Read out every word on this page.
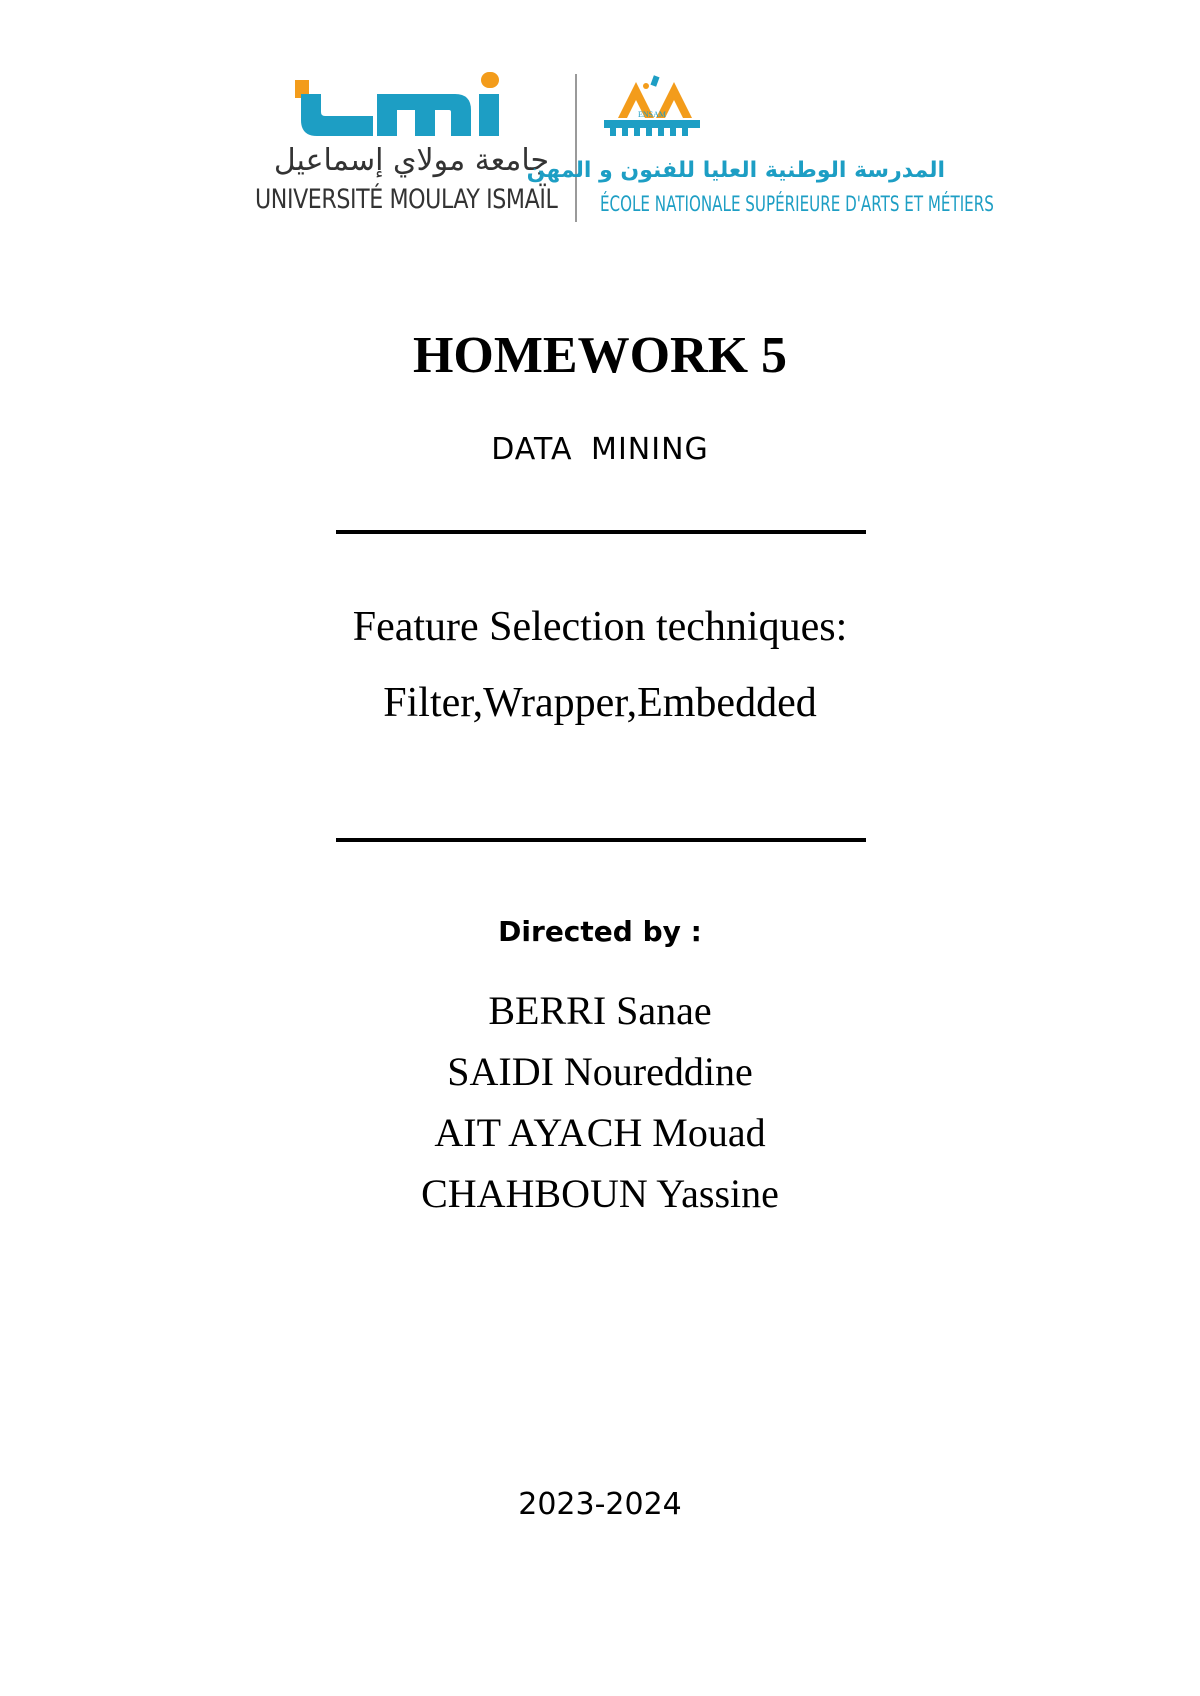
جامعة مولاي إسماعيل
UNIVERSITÉ MOULAY ISMAÏL
ENSAM
المدرسة الوطنية العليا للفنون و المهن
ÉCOLE NATIONALE SUPÉRIEURE D'ARTS ET MÉTIERS
HOMEWORK 5
DATA MINING
Feature Selection techniques:
Filter,Wrapper,Embedded
Directed by :
BERRI Sanae
SAIDI Noureddine
AIT AYACH Mouad
CHAHBOUN Yassine
2023-2024
